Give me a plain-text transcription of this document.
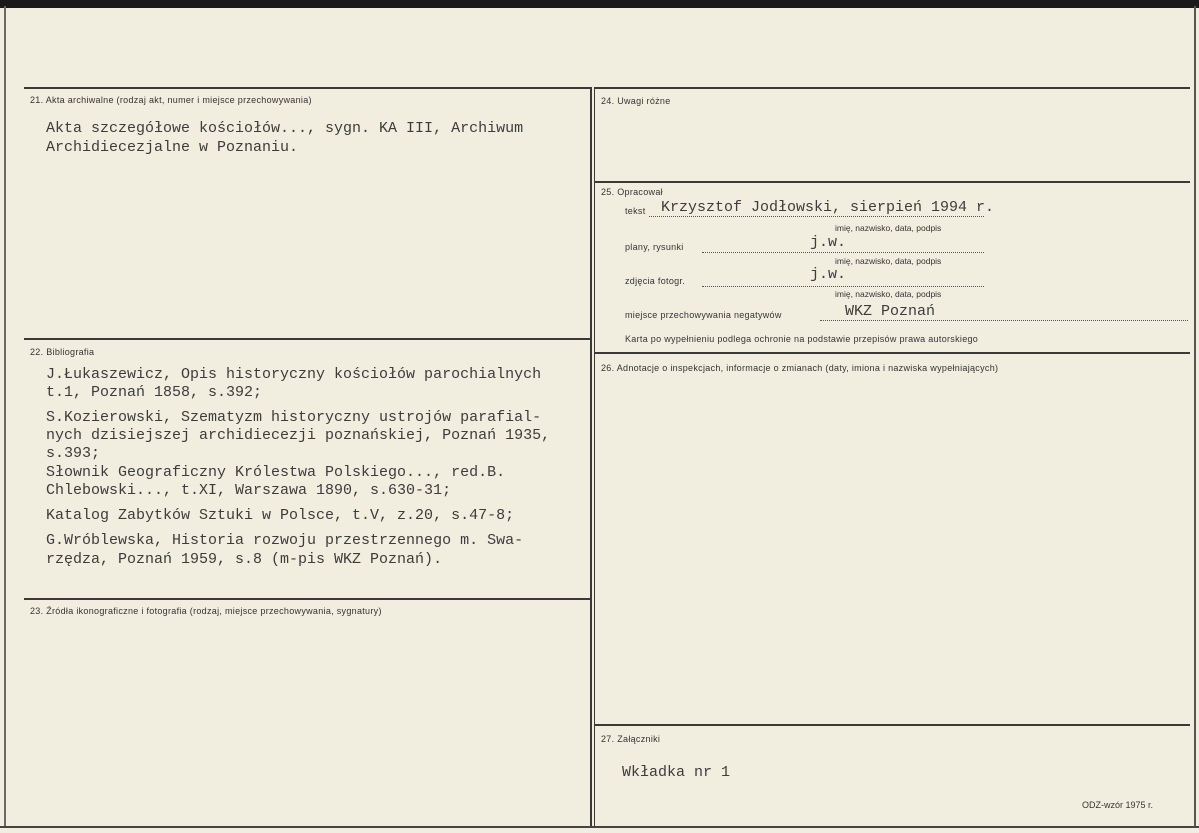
21. Akta archiwalne (rodzaj akt, numer i miejsce przechowywania)
Akta szczegółowe kościołów..., sygn. KA III, Archiwum
Archidiecezjalne w Poznaniu.
22. Bibliografia
J.Łukaszewicz, Opis historyczny kościołów parochialnych
t.1, Poznań 1858, s.392;
S.Kozierowski, Szematyzm historyczny ustrojów parafial-
nych dzisiejszej archidiecezji poznańskiej, Poznań 1935,
s.393;
Słownik Geograficzny Królestwa Polskiego..., red.B.
Chlebowski..., t.XI, Warszawa 1890, s.630-31;
Katalog Zabytków Sztuki w Polsce, t.V, z.20, s.47-8;
G.Wróblewska, Historia rozwoju przestrzennego m. Swa-
rzędza, Poznań 1959, s.8 (m-pis WKZ Poznań).
23. Źródła ikonograficzne i fotografia (rodzaj, miejsce przechowywania, sygnatury)
24. Uwagi różne
25. Opracował
tekst Krzysztof Jodłowski, sierpień 1994 r.
imię, nazwisko, data, podpis
plany, rysunki	j.w.
imię, nazwisko, data, podpis
zdjęcia fotogr.	j.w.
imię, nazwisko, data, podpis
miejsce przechowywania negatywów	WKZ Poznań
Karta po wypełnieniu podlega ochronie na podstawie przepisów prawa autorskiego
26. Adnotacje o inspekcjach, informacje o zmianach (daty, imiona i nazwiska wypełniających)
27. Załączniki
Wkładka nr 1
ODZ-wzór 1975 r.
